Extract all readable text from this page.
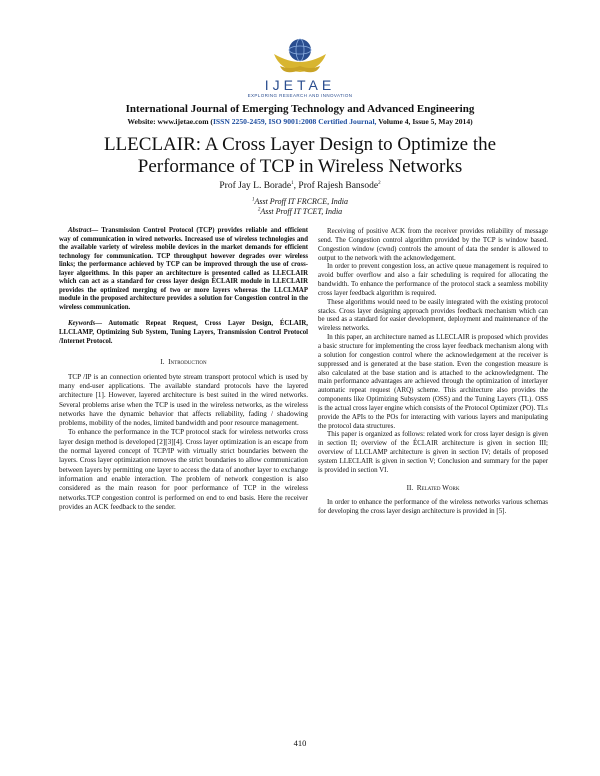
IJETAE
EXPLORING RESEARCH AND INNOVATION
International Journal of Emerging Technology and Advanced Engineering
Website: www.ijetae.com (ISSN 2250-2459, ISO 9001:2008 Certified Journal, Volume 4, Issue 5, May 2014)
LLECLAIR: A Cross Layer Design to Optimize the
Performance of TCP in Wireless Networks
Prof Jay L. Borade$^1$, Prof Rajesh Bansode$^2$
$^1$Asst Proff IT FRCRCE, India
$^2$Asst Proff IT TCET, India

Abstract— Transmission Control Protocol (TCP) provides reliable and efficient way of communication in wired networks. Increased use of wireless technologies and the available variety of wireless mobile devices in the market demands for efficient technology for communication. TCP throughput however degrades over wireless links; the performance achieved by TCP can be improved through the use of cross-layer algorithms. In this paper an architecture is presented called as LLECLAIR which can act as a standard for cross layer design ÉCLAIR module in LLECLAIR provides the optimized merging of two or more layers whereas the LLCLMAP module in the proposed architecture provides a solution for Congestion control in the wireless communication.

Keywords— Automatic Repeat Request, Cross Layer Design, ÉCLAIR, LLCLAMP, Optimizing Sub System, Tuning Layers, Transmission Control Protocol /Internet Protocol.

I. Introduction

TCP /IP is an connection oriented byte stream transport protocol which is used by many end-user applications. The available standard protocols have the layered architecture [1]. However, layered architecture is best suited in the wired networks. Several problems arise when the TCP is used in the wireless networks, as the wireless networks have the dynamic behavior that affects reliability, fading / shadowing problems, mobility of the nodes, limited bandwidth and poor resource management.

To enhance the performance in the TCP protocol stack for wireless networks cross layer design method is developed [2][3][4]. Cross layer optimization is an escape from the normal layered concept of TCP/IP with virtually strict boundaries between the layers. Cross layer optimization removes the strict boundaries to allow communication between layers by permitting one layer to access the data of another layer to exchange information and enable interaction. The problem of network congestion is also considered as the main reason for poor performance of TCP in the wireless networks.TCP congestion control is performed on end to end basis. Here the receiver provides an ACK feedback to the sender.

Receiving of positive ACK from the receiver provides reliability of message send. The Congestion control algorithm provided by the TCP is window based. Congestion window (cwnd) controls the amount of data the sender is allowed to output to the network with the acknowledgement.

In order to prevent congestion loss, an active queue management is required to avoid buffer overflow and also a fair scheduling is required for allocating the bandwidth. To enhance the performance of the protocol stack a seamless mobility cross layer feedback algorithm is required.

These algorithms would need to be easily integrated with the existing protocol stacks. Cross layer designing approach provides feedback mechanism which can be used as a standard for easier development, deployment and maintenance of the wireless networks.

In this paper, an architecture named as LLECLAIR is proposed which provides a basic structure for implementing the cross layer feedback mechanism along with a solution for congestion control where the acknowledgement at the receiver is suppressed and is generated at the base station. Even the congestion measure is also calculated at the base station and is attached to the acknowledgment. The main performance advantages are achieved through the optimization of interlayer automatic repeat request (ARQ) scheme. This architecture also provides the components like Optimizing Subsystem (OSS) and the Tuning Layers (TL). OSS is the actual cross layer engine which consists of the Protocol Optimizer (PO). TLs provide the APIs to the POs for interacting with various layers and manipulating the protocol data structures.

This paper is organized as follows: related work for cross layer design is given in section II; overview of the ÉCLAIR architecture is given in section III; overview of LLCLAMP architecture is given in section IV; details of proposed system LLECLAIR is given in section V; Conclusion and summary for the paper is provided in section VI.

II. Related Work

In order to enhance the performance of the wireless networks various schemas for developing the cross layer design architecture is provided in [5].

410
